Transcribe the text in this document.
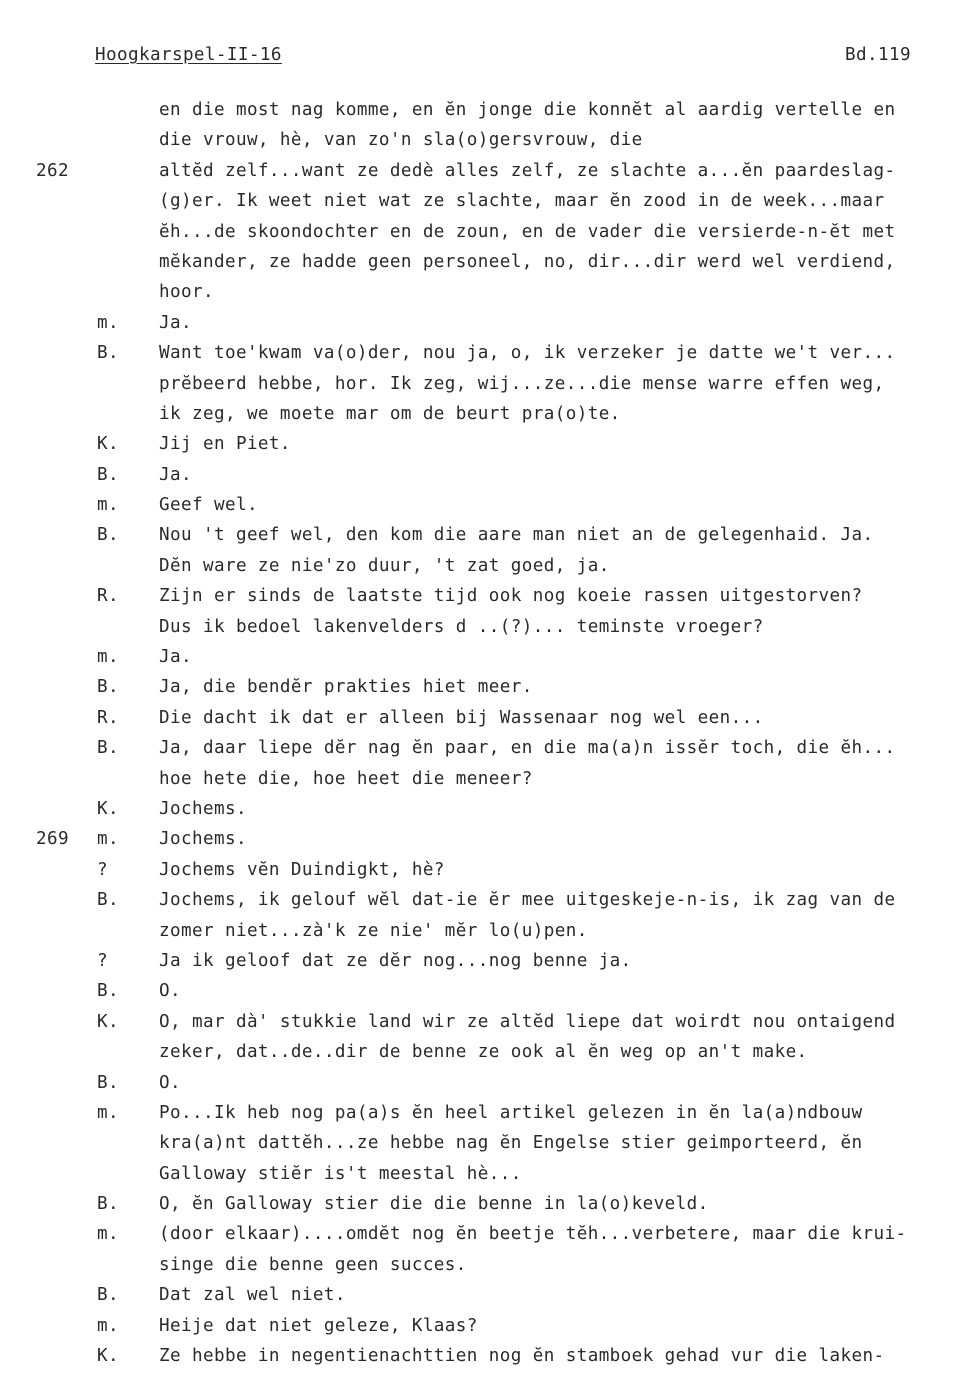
Hoogkarspel-II-16	Bd.119
en die most nag komme, en ĕn jonge die konnĕt al aardig vertelle en
die vrouw, hè, van zo'n sla(o)gersvrouw, die
262	altĕd zelf...want ze dedè alles zelf, ze slachte a...ĕn paardeslag-
(g)er. Ik weet niet wat ze slachte, maar ĕn zood in de week...maar
ĕh...de skoondochter en de zoun, en de vader die versierde-n-ĕt met
mĕkander, ze hadde geen personeel, no, dir...dir werd wel verdiend,
hoor.
m. Ja.
B. Want toe'kwam va(o)der, nou ja, o, ik verzeker je datte we't ver...
prĕbeerd hebbe, hor. Ik zeg, wij...ze...die mense warre effen weg,
ik zeg, we moete mar om de beurt pra(o)te.
K. Jij en Piet.
B. Ja.
m. Geef wel.
B. Nou 't geef wel, den kom die aare man niet an de gelegenhaid. Ja.
Dĕn ware ze nie'zo duur, 't zat goed, ja.
R. Zijn er sinds de laatste tijd ook nog koeie rassen uitgestorven?
Dus ik bedoel lakenvelders d ..(?)... teminste vroeger?
m. Ja.
B. Ja, die bendĕr prakties hiet meer.
R. Die dacht ik dat er alleen bij Wassenaar nog wel een...
B. Ja, daar liepe dĕr nag ĕn paar, en die ma(a)n issĕr toch, die ĕh...
hoe hete die, hoe heet die meneer?
K. Jochems.
269 m. Jochems.
?	Jochems vĕn Duindigkt, hè?
B. Jochems, ik gelouf wĕl dat-ie ĕr mee uitgeskeje-n-is, ik zag van de
zomer niet...zà'k ze nie' mĕr lo(u)pen.
?	Ja ik geloof dat ze dĕr nog...nog benne ja.
B. O.
K. O, mar dà' stukkie land wir ze altĕd liepe dat woirdt nou ontaigend
zeker, dat..de..dir de benne ze ook al ĕn weg op an't make.
B. O.
m. Po...Ik heb nog pa(a)s ĕn heel artikel gelezen in ĕn la(a)ndbouw
kra(a)nt dattĕh...ze hebbe nag ĕn Engelse stier geimporteerd, ĕn
Galloway stiĕr is't meestal hè...
B. O, ĕn Galloway stier die die benne in la(o)keveld.
m. (door elkaar)....omdĕt nog ĕn beetje tĕh...verbetere, maar die krui-
singe die benne geen succes.
B. Dat zal wel niet.
m. Heije dat niet geleze, Klaas?
K. Ze hebbe in negentienachttien nog ĕn stamboek gehad vur die laken-
